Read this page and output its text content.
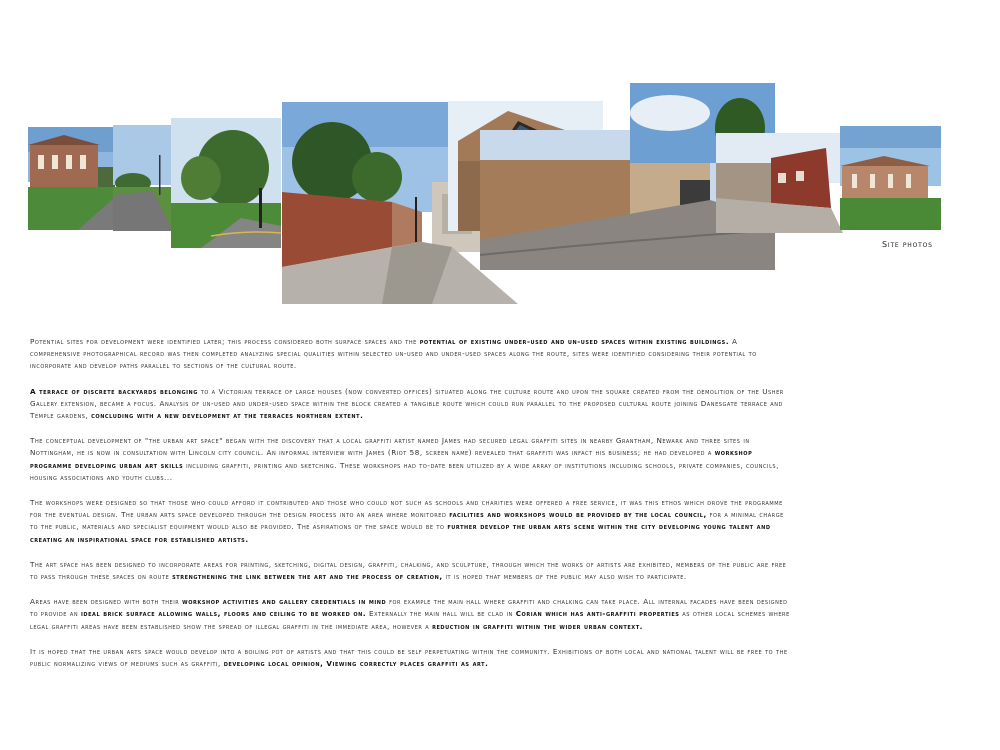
Site photos

Potential sites for development were identified later; this process considered both surface spaces and the potential of existing under-used and un-used spaces within existing buildings. A comprehensive photographical record was then completed analyzing special qualities within selected un-used and under-used spaces along the route, sites were identified considering their potential to incorporate and develop paths parallel to sections of the cultural route.

A terrace of discrete backyards belonging to a Victorian terrace of large houses (now converted offices) situated along the culture route and upon the square created from the demolition of the Usher Gallery extension, became a focus. Analysis of un-used and under-used space within the block created a tangible route which could run parallel to the proposed cultural route joining Danesgate terrace and Temple gardens, concluding with a new development at the terraces northern extent.

The conceptual development of "the urban art space" began with the discovery that a local graffiti artist named James had secured legal graffiti sites in nearby Grantham, Newark and three sites in Nottingham, he is now in consultation with Lincoln city council. An informal interview with James (Riot 58, screen name) revealed that graffiti was infact his business; he had developed a workshop programme developing urban art skills including graffiti, printing and sketching. These workshops had to-date been utilized by a wide array of institutions including schools, private companies, councils, housing associations and youth clubs...

The workshops were designed so that those who could afford it contributed and those who could not such as schools and charities were offered a free service, it was this ethos which drove the programme for the eventual design. The urban arts space developed through the design process into an area where monitored facilities and workshops would be provided by the local council, for a minimal charge to the public, materials and specialist equipment would also be provided. The aspirations of the space would be to further develop the urban arts scene within the city developing young talent and creating an inspirational space for established artists.

The art space has been designed to incorporate areas for printing, sketching, digital design, graffiti, chalking, and sculpture, through which the works of artists are exhibited, members of the public are free to pass through these spaces on route strengthening the link between the art and the process of creation, it is hoped that members of the public may also wish to participate.

Areas have been designed with both their workshop activities and gallery credentials in mind for example the main hall where graffiti and chalking can take place. All internal facades have been designed to provide an ideal brick surface allowing walls, floors and ceiling to be worked on. Externally the main hall will be clad in Corian which has anti-graffiti properties as other local schemes where legal graffiti areas have been established show the spread of illegal graffiti in the immediate area, however a reduction in graffiti within the wider urban context.

It is hoped that the urban arts space would develop into a boiling pot of artists and that this could be self perpetuating within the community. Exhibitions of both local and national talent will be free to the public normalizing views of mediums such as graffiti, developing local opinion, Viewing correctly places graffiti as art.
